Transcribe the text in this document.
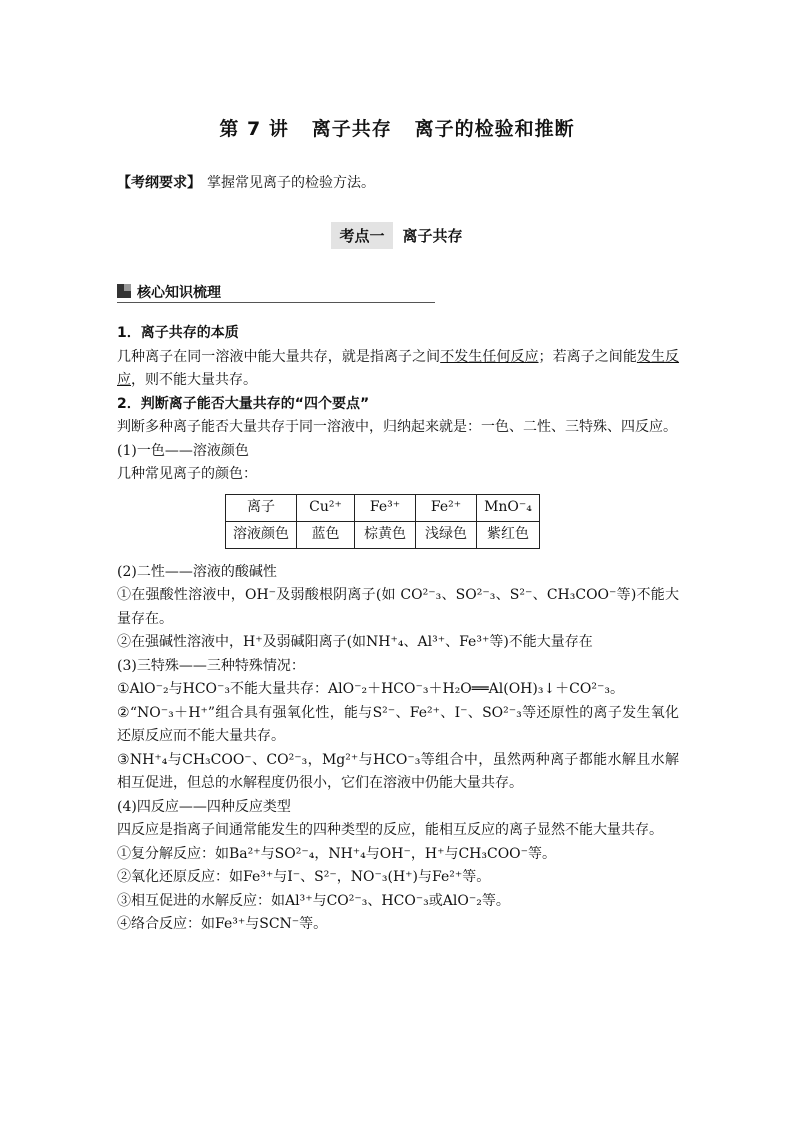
第 7 讲 离子共存 离子的检验和推断
【考纲要求】 掌握常见离子的检验方法。
考点一 离子共存
核心知识梳理

1．离子共存的本质

几种离子在同一溶液中能大量共存，就是指离子之间不发生任何反应；若离子之间能发生反应，则不能大量共存。

2．判断离子能否大量共存的“四个要点”

判断多种离子能否大量共存于同一溶液中，归纳起来就是：一色、二性、三特殊、四反应。

(1)一色——溶液颜色

几种常见离子的颜色：

离子	Cu²⁺	Fe³⁺	Fe²⁺	MnO⁻₄
溶液颜色	蓝色	棕黄色	浅绿色	紫红色

(2)二性——溶液的酸碱性

①在强酸性溶液中，OH⁻及弱酸根阴离子(如 CO²⁻₃、SO²⁻₃、S²⁻、CH₃COO⁻等)不能大量存在。

②在强碱性溶液中，H⁺及弱碱阳离子(如NH⁺₄、Al³⁺、Fe³⁺等)不能大量存在

(3)三特殊——三种特殊情况：

①AlO⁻₂与HCO⁻₃不能大量共存：AlO⁻₂＋HCO⁻₃＋H₂O══Al(OH)₃↓＋CO²⁻₃。

②“NO⁻₃＋H⁺”组合具有强氧化性，能与S²⁻、Fe²⁺、I⁻、SO²⁻₃等还原性的离子发生氧化还原反应而不能大量共存。

③NH⁺₄与CH₃COO⁻、CO²⁻₃，Mg²⁺与HCO⁻₃等组合中，虽然两种离子都能水解且水解相互促进，但总的水解程度仍很小，它们在溶液中仍能大量共存。

(4)四反应——四种反应类型

四反应是指离子间通常能发生的四种类型的反应，能相互反应的离子显然不能大量共存。

①复分解反应：如Ba²⁺与SO²⁻₄，NH⁺₄与OH⁻，H⁺与CH₃COO⁻等。

②氧化还原反应：如Fe³⁺与I⁻、S²⁻，NO⁻₃(H⁺)与Fe²⁺等。

③相互促进的水解反应：如Al³⁺与CO²⁻₃、HCO⁻₃或AlO⁻₂等。

④络合反应：如Fe³⁺与SCN⁻等。
